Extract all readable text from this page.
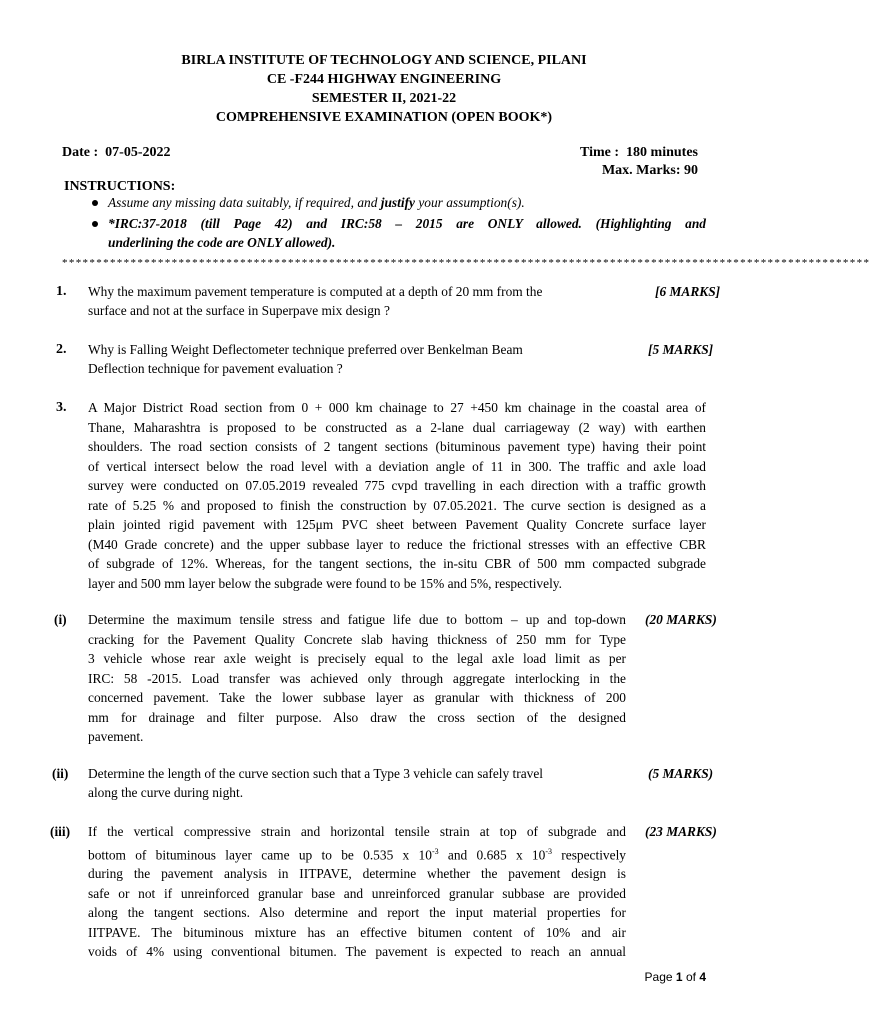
BIRLA INSTITUTE OF TECHNOLOGY AND SCIENCE, PILANI
CE -F244 HIGHWAY ENGINEERING
SEMESTER II, 2021-22
COMPREHENSIVE EXAMINATION (OPEN BOOK*)
Date : 07-05-2022	Time : 180 minutes
Max. Marks: 90
INSTRUCTIONS:
Assume any missing data suitably, if required, and justify your assumption(s).
*IRC:37-2018 (till Page 42) and IRC:58 – 2015 are ONLY allowed. (Highlighting and
underlining the code are ONLY allowed).
**********************************************************************************************************************
1. Why the maximum pavement temperature is computed at a depth of 20 mm from the
surface and not at the surface in Superpave mix design ?
[6 MARKS]
2. Why is Falling Weight Deflectometer technique preferred over Benkelman Beam
Deflection technique for pavement evaluation ?
[5 MARKS]
3. A Major District Road section from 0 + 000 km chainage to 27 +450 km chainage in the coastal area of
Thane, Maharashtra is proposed to be constructed as a 2-lane dual carriageway (2 way) with earthen
shoulders. The road section consists of 2 tangent sections (bituminous pavement type) having their point
of vertical intersect below the road level with a deviation angle of 11 in 300. The traffic and axle load
survey were conducted on 07.05.2019 revealed 775 cvpd travelling in each direction with a traffic growth
rate of 5.25 % and proposed to finish the construction by 07.05.2021. The curve section is designed as a
plain jointed rigid pavement with 125μm PVC sheet between Pavement Quality Concrete surface layer
(M40 Grade concrete) and the upper subbase layer to reduce the frictional stresses with an effective CBR
of subgrade of 12%. Whereas, for the tangent sections, the in-situ CBR of 500 mm compacted subgrade
layer and 500 mm layer below the subgrade were found to be 15% and 5%, respectively.
(i) Determine the maximum tensile stress and fatigue life due to bottom – up and top-down
cracking for the Pavement Quality Concrete slab having thickness of 250 mm for Type
3 vehicle whose rear axle weight is precisely equal to the legal axle load limit as per
IRC: 58 -2015. Load transfer was achieved only through aggregate interlocking in the
concerned pavement. Take the lower subbase layer as granular with thickness of 200
mm for drainage and filter purpose. Also draw the cross section of the designed
pavement.
(20 MARKS)
(ii) Determine the length of the curve section such that a Type 3 vehicle can safely travel
along the curve during night.
(5 MARKS)
(iii) If the vertical compressive strain and horizontal tensile strain at top of subgrade and
bottom of bituminous layer came up to be 0.535 x $10^{-3}$ and 0.685 x $10^{-3}$ respectively
during the pavement analysis in IITPAVE, determine whether the pavement design is
safe or not if unreinforced granular base and unreinforced granular subbase are provided
along the tangent sections. Also determine and report the input material properties for
IITPAVE. The bituminous mixture has an effective bitumen content of 10% and air
voids of 4% using conventional bitumen. The pavement is expected to reach an annual
(23 MARKS)
Page 1 of 4
